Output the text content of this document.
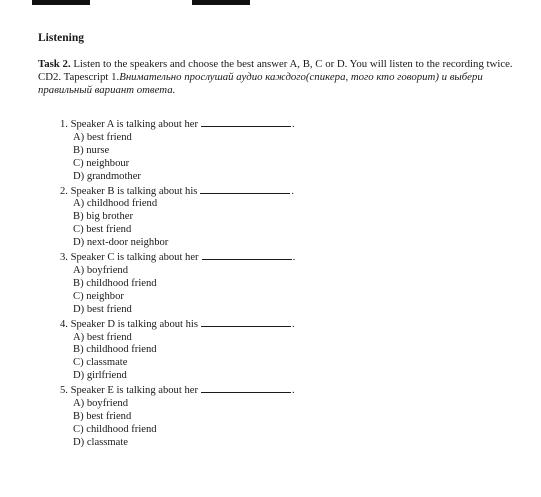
Listening
Task 2. Listen to the speakers and choose the best answer A, B, C or D. You will listen to the recording twice. CD2. Tapescript 1.Внимательно прослушай аудио каждого(спикера, того кто говорит) и выбери правильный вариант ответа.
1. Speaker A is talking about her	.
A) best friend
B) nurse
C) neighbour
D) grandmother
2. Speaker B is talking about his	.
A) childhood friend
B) big brother
C) best friend
D) next-door neighbor
3. Speaker C is talking about her	.
A) boyfriend
B) childhood friend
C) neighbor
D) best friend
4. Speaker D is talking about his	.
A) best friend
B) childhood friend
C) classmate
D) girlfriend
5. Speaker E is talking about her	.
A) boyfriend
B) best friend
C) childhood friend
D) classmate
